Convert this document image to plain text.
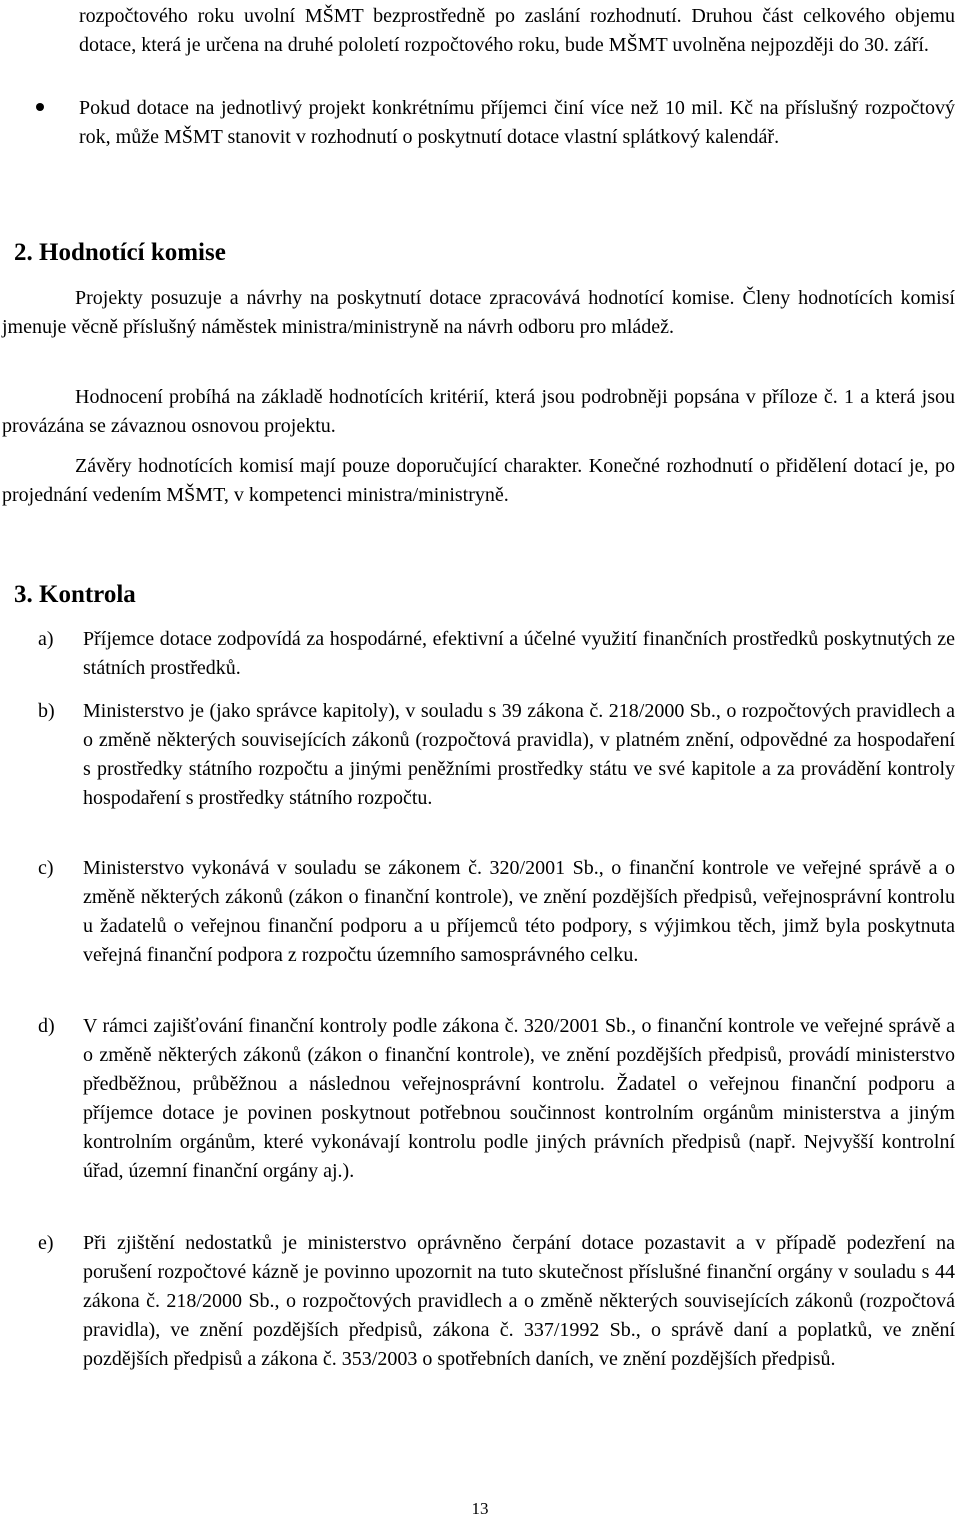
rozpočtového roku uvolní MŠMT bezprostředně po zaslání rozhodnutí. Druhou část celkového objemu dotace, která je určena na druhé pololetí rozpočtového roku, bude MŠMT uvolněna nejpozději do 30. září.

Pokud dotace na jednotlivý projekt konkrétnímu příjemci činí více než 10 mil. Kč na příslušný rozpočtový rok, může MŠMT stanovit v rozhodnutí o poskytnutí dotace vlastní splátkový kalendář.

2. Hodnotící komise

Projekty posuzuje a návrhy na poskytnutí dotace zpracovává hodnotící komise. Členy hodnotících komisí jmenuje věcně příslušný náměstek ministra/ministryně na návrh odboru pro mládež.

Hodnocení probíhá na základě hodnotících kritérií, která jsou podrobněji popsána v příloze č. 1 a která jsou provázána se závaznou osnovou projektu.

Závěry hodnotících komisí mají pouze doporučující charakter. Konečné rozhodnutí o přidělení dotací je, po projednání vedením MŠMT, v kompetenci ministra/ministryně.

3. Kontrola
a)	Příjemce dotace zodpovídá za hospodárné, efektivní a účelné využití finančních prostředků poskytnutých ze státních prostředků.

b)	Ministerstvo je (jako správce kapitoly), v souladu s 39 zákona č. 218/2000 Sb., o rozpočtových pravidlech a o změně některých souvisejících zákonů (rozpočtová pravidla), v platném znění, odpovědné za hospodaření s prostředky státního rozpočtu a jinými peněžními prostředky státu ve své kapitole a za provádění kontroly hospodaření s prostředky státního rozpočtu.

c)	Ministerstvo vykonává v souladu se zákonem č. 320/2001 Sb., o finanční kontrole ve veřejné správě a o změně některých zákonů (zákon o finanční kontrole), ve znění pozdějších předpisů, veřejnosprávní kontrolu u žadatelů o veřejnou finanční podporu a u příjemců této podpory, s výjimkou těch, jimž byla poskytnuta veřejná finanční podpora z rozpočtu územního samosprávného celku.

d)	V rámci zajišťování finanční kontroly podle zákona č. 320/2001 Sb., o finanční kontrole ve veřejné správě a o změně některých zákonů (zákon o finanční kontrole), ve znění pozdějších předpisů, provádí ministerstvo předběžnou, průběžnou a následnou veřejnosprávní kontrolu. Žadatel o veřejnou finanční podporu a příjemce dotace je povinen poskytnout potřebnou součinnost kontrolním orgánům ministerstva a jiným kontrolním orgánům, které vykonávají kontrolu podle jiných právních předpisů (např. Nejvyšší kontrolní úřad, územní finanční orgány aj.).

e)	Při zjištění nedostatků je ministerstvo oprávněno čerpání dotace pozastavit a v případě podezření na porušení rozpočtové kázně je povinno upozornit na tuto skutečnost příslušné finanční orgány v souladu s 44 zákona č. 218/2000 Sb., o rozpočtových pravidlech a o změně některých souvisejících zákonů (rozpočtová pravidla), ve znění pozdějších předpisů, zákona č. 337/1992 Sb., o správě daní a poplatků, ve znění pozdějších předpisů a zákona č. 353/2003 o spotřebních daních, ve znění pozdějších předpisů.

13
